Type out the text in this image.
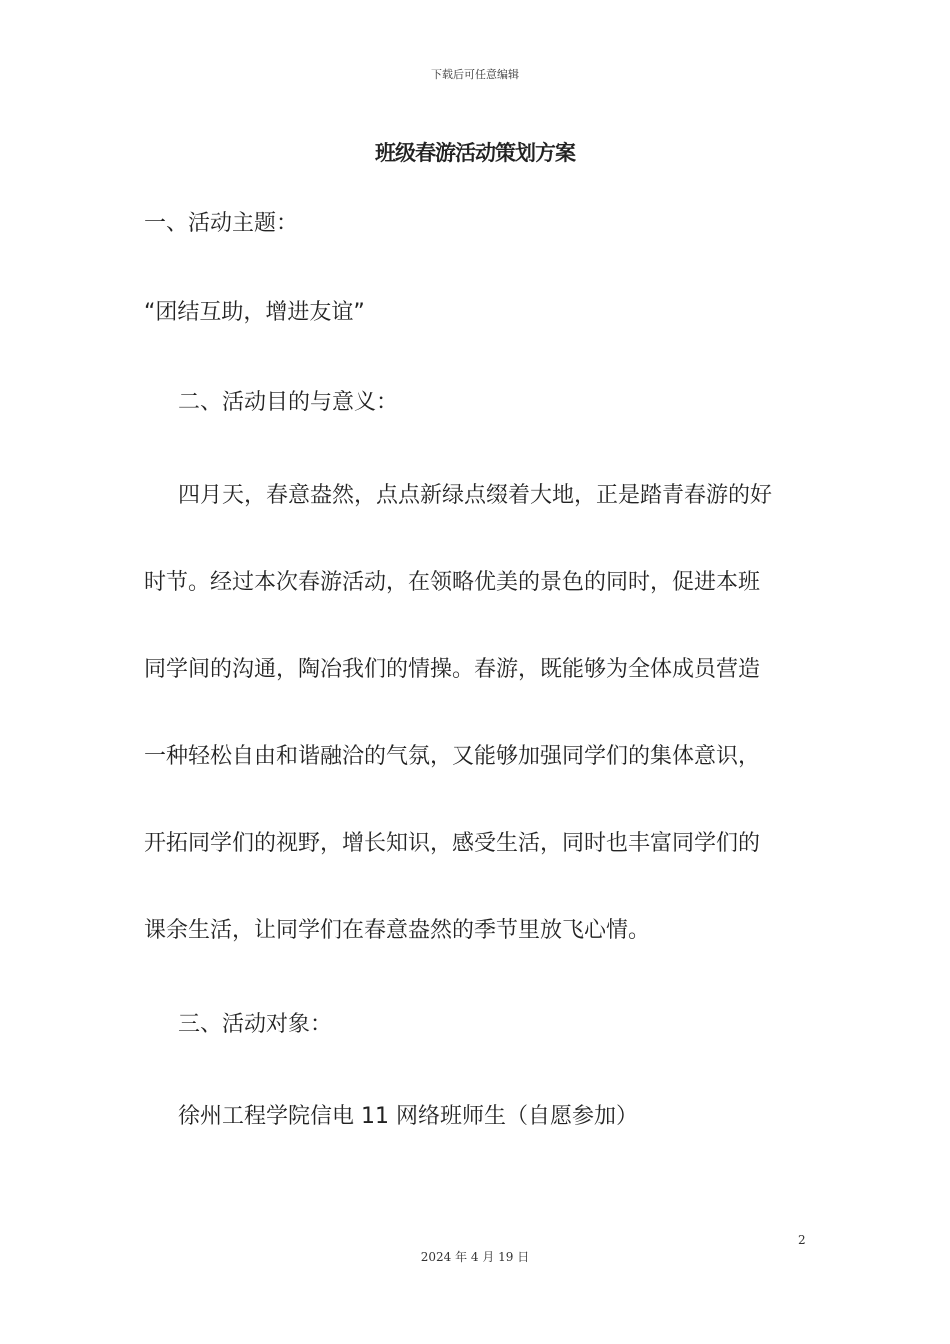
下载后可任意编辑
班级春游活动策划方案
一、活动主题：
“团结互助，增进友谊”
二、活动目的与意义：
四月天，春意盎然，点点新绿点缀着大地，正是踏青春游的好
时节。经过本次春游活动，在领略优美的景色的同时，促进本班
同学间的沟通，陶冶我们的情操。春游，既能够为全体成员营造
一种轻松自由和谐融洽的气氛，又能够加强同学们的集体意识，
开拓同学们的视野，增长知识，感受生活，同时也丰富同学们的
课余生活，让同学们在春意盎然的季节里放飞心情。
三、活动对象：
徐州工程学院信电 11 网络班师生（自愿参加）
2
2024 年 4 月 19 日
